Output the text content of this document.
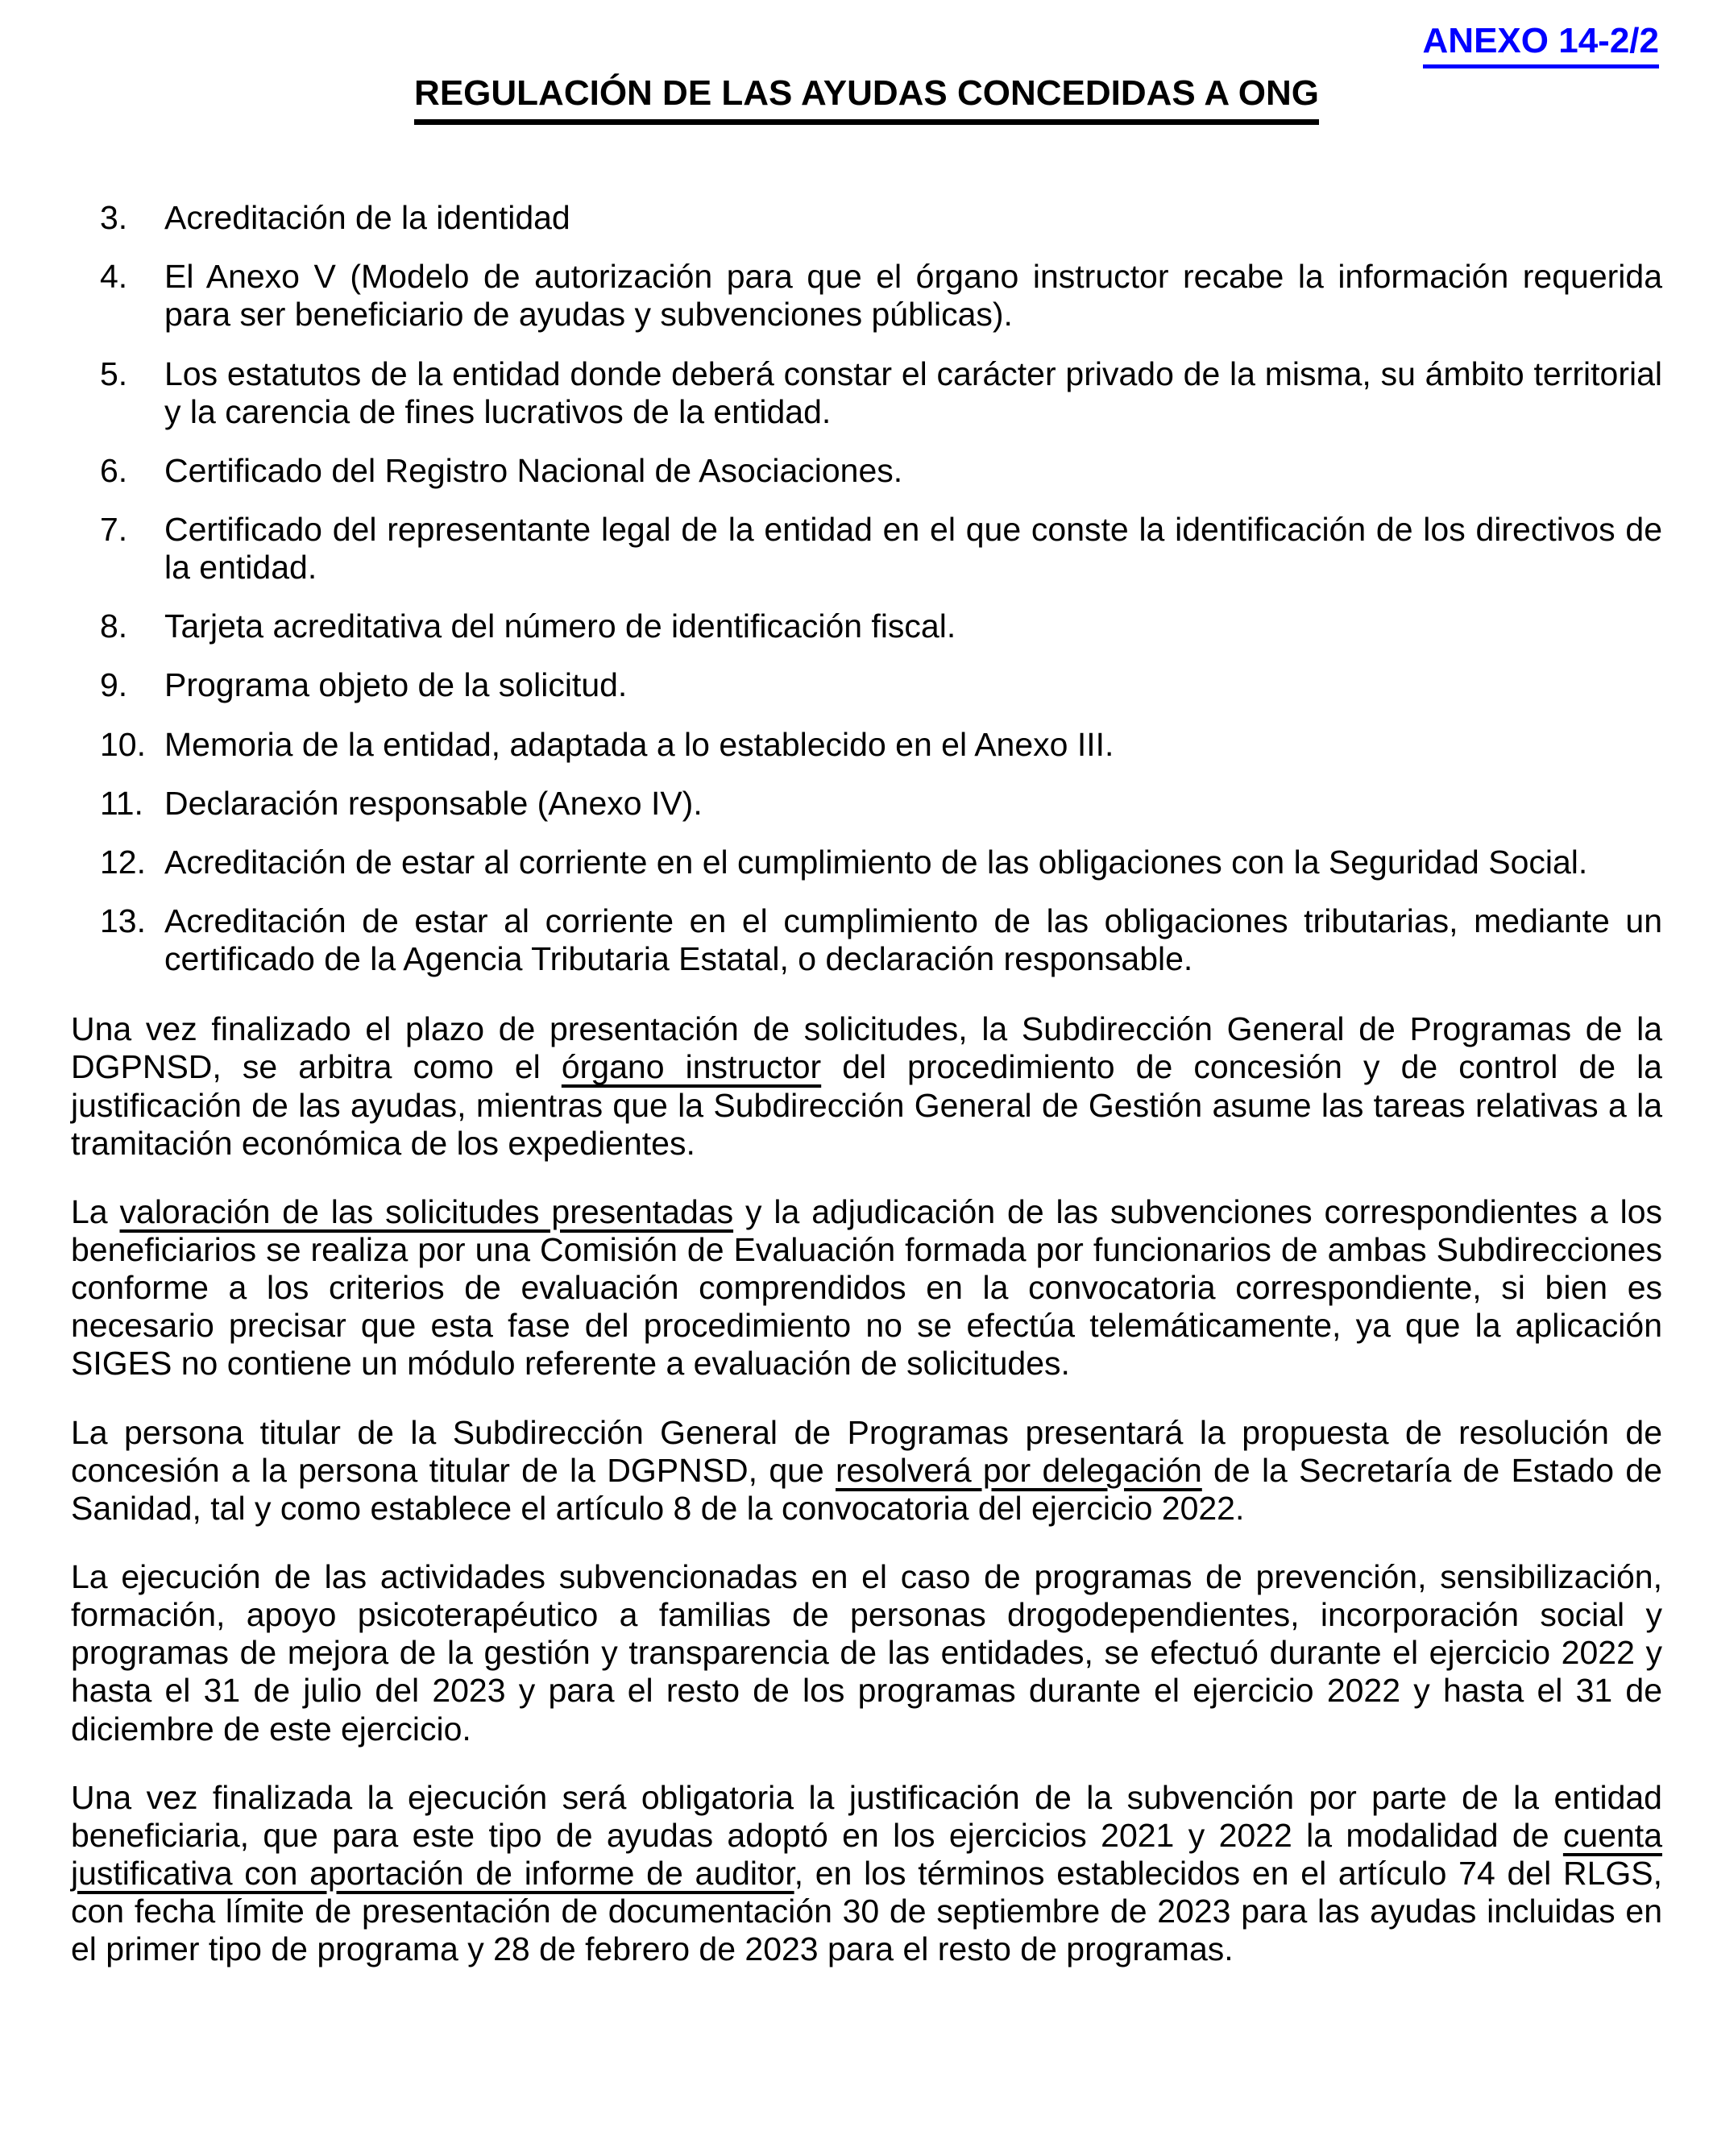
ANEXO 14-2/2
REGULACIÓN DE LAS AYUDAS CONCEDIDAS A ONG
3. Acreditación de la identidad
4. El Anexo V (Modelo de autorización para que el órgano instructor recabe la información requerida para ser beneficiario de ayudas y subvenciones públicas).
5. Los estatutos de la entidad donde deberá constar el carácter privado de la misma, su ámbito territorial y la carencia de fines lucrativos de la entidad.
6. Certificado del Registro Nacional de Asociaciones.
7. Certificado del representante legal de la entidad en el que conste la identificación de los directivos de la entidad.
8. Tarjeta acreditativa del número de identificación fiscal.
9. Programa objeto de la solicitud.
10. Memoria de la entidad, adaptada a lo establecido en el Anexo III.
11. Declaración responsable (Anexo IV).
12. Acreditación de estar al corriente en el cumplimiento de las obligaciones con la Seguridad Social.
13. Acreditación de estar al corriente en el cumplimiento de las obligaciones tributarias, mediante un certificado de la Agencia Tributaria Estatal, o declaración responsable.

Una vez finalizado el plazo de presentación de solicitudes, la Subdirección General de Programas de la DGPNSD, se arbitra como el órgano instructor del procedimiento de concesión y de control de la justificación de las ayudas, mientras que la Subdirección General de Gestión asume las tareas relativas a la tramitación económica de los expedientes.

La valoración de las solicitudes presentadas y la adjudicación de las subvenciones correspondientes a los beneficiarios se realiza por una Comisión de Evaluación formada por funcionarios de ambas Subdirecciones conforme a los criterios de evaluación comprendidos en la convocatoria correspondiente, si bien es necesario precisar que esta fase del procedimiento no se efectúa telemáticamente, ya que la aplicación SIGES no contiene un módulo referente a evaluación de solicitudes.

La persona titular de la Subdirección General de Programas presentará la propuesta de resolución de concesión a la persona titular de la DGPNSD, que resolverá por delegación de la Secretaría de Estado de Sanidad, tal y como establece el artículo 8 de la convocatoria del ejercicio 2022.

La ejecución de las actividades subvencionadas en el caso de programas de prevención, sensibilización, formación, apoyo psicoterapéutico a familias de personas drogodependientes, incorporación social y programas de mejora de la gestión y transparencia de las entidades, se efectuó durante el ejercicio 2022 y hasta el 31 de julio del 2023 y para el resto de los programas durante el ejercicio 2022 y hasta el 31 de diciembre de este ejercicio.

Una vez finalizada la ejecución será obligatoria la justificación de la subvención por parte de la entidad beneficiaria, que para este tipo de ayudas adoptó en los ejercicios 2021 y 2022 la modalidad de cuenta justificativa con aportación de informe de auditor, en los términos establecidos en el artículo 74 del RLGS, con fecha límite de presentación de documentación 30 de septiembre de 2023 para las ayudas incluidas en el primer tipo de programa y 28 de febrero de 2023 para el resto de programas.
